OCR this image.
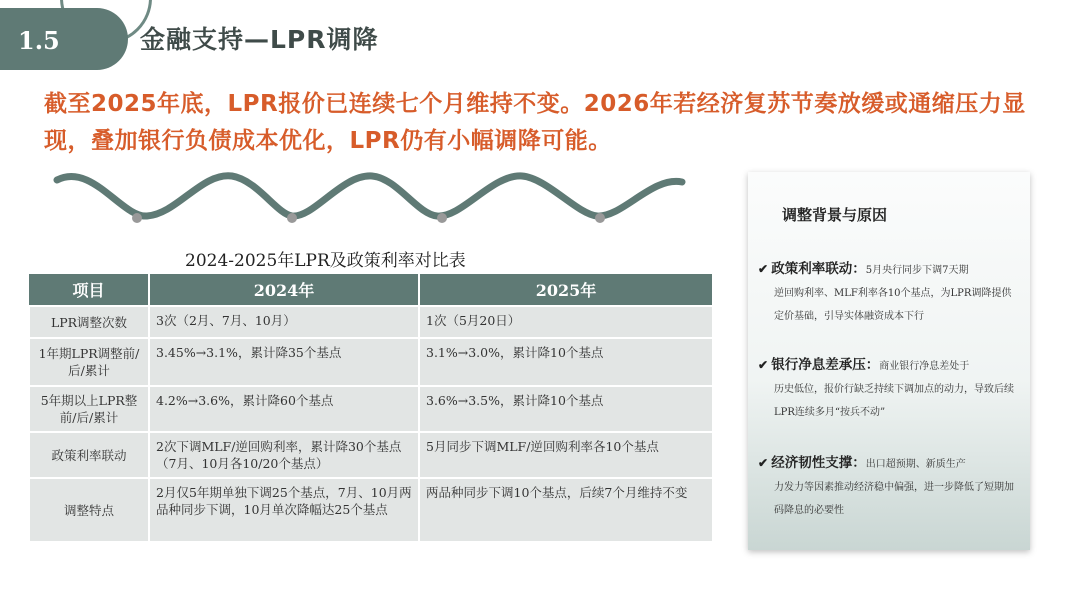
1.5	金融支持—LPR调降
截至2025年底，LPR报价已连续七个月维持不变。2026年若经济复苏节奏放缓或通缩压力显现，叠加银行负债成本优化，LPR仍有小幅调降可能。
2024-2025年LPR及政策利率对比表
项目	2024年	2025年
LPR调整次数	3次（2月、7月、10月）	1次（5月20日）
1年期LPR调整前/后/累计	3.45%→3.1%，累计降35个基点	3.1%→3.0%，累计降10个基点
5年期以上LPR整前/后/累计	4.2%→3.6%，累计降60个基点	3.6%→3.5%，累计降10个基点
政策利率联动	2次下调MLF/逆回购利率，累计降30个基点（7月、10月各10/20个基点）	5月同步下调MLF/逆回购利率各10个基点
调整特点	2月仅5年期单独下调25个基点，7月、10月两品种同步下调，10月单次降幅达25个基点	两品种同步下调10个基点，后续7个月维持不变
调整背景与原因
✔ 政策利率联动：5月央行同步下调7天期
逆回购利率、MLF利率各10个基点，为LPR调降提供定价基础，引导实体融资成本下行
✔ 银行净息差承压：商业银行净息差处于
历史低位，报价行缺乏持续下调加点的动力，导致后续LPR连续多月“按兵不动”
✔ 经济韧性支撑：出口超预期、新质生产
力发力等因素推动经济稳中偏强，进一步降低了短期加码降息的必要性
